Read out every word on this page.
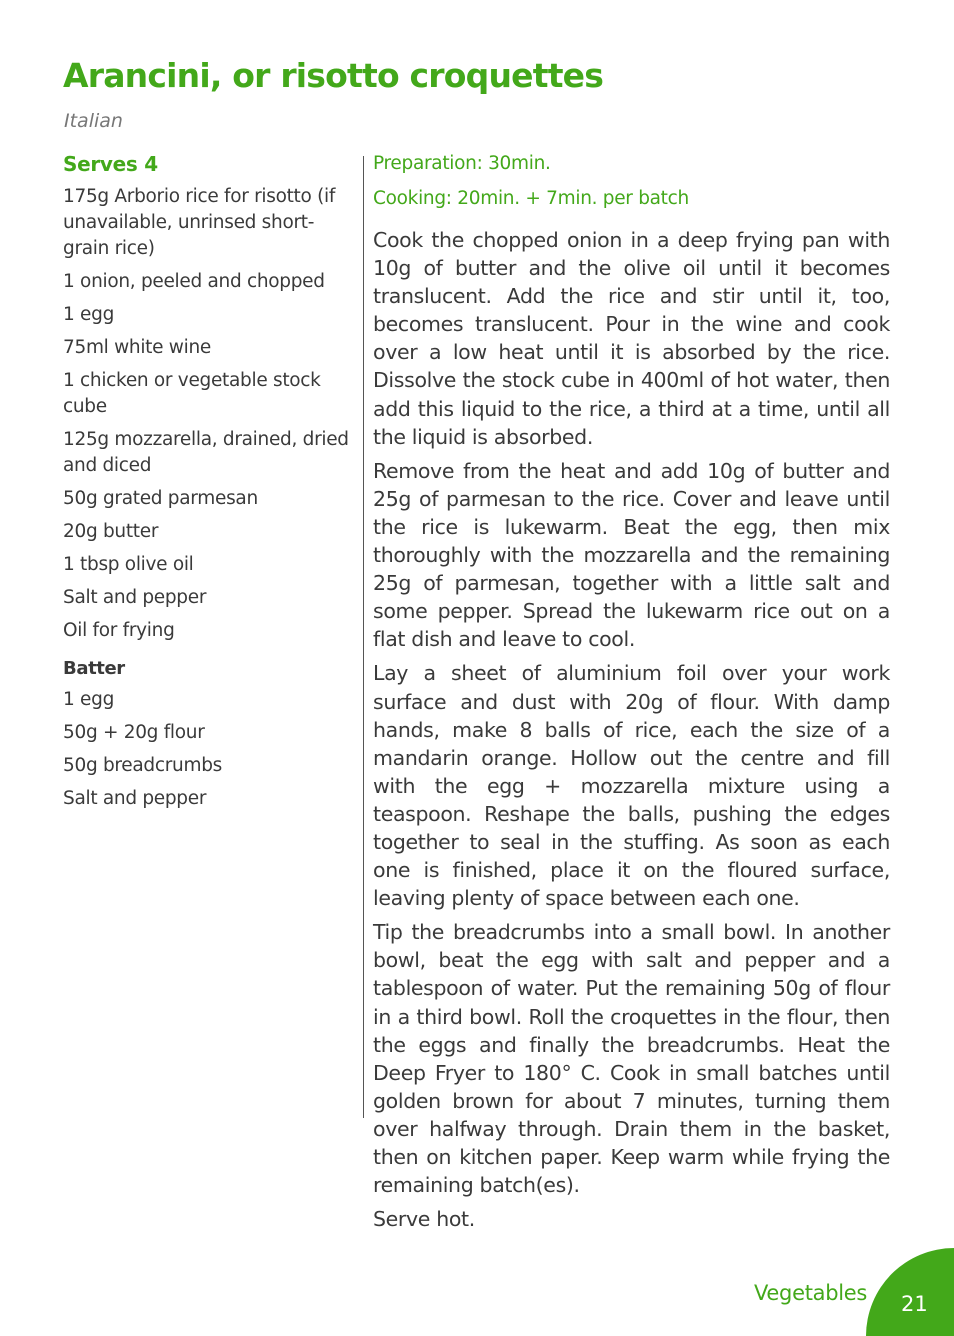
Arancini, or risotto croquettes
Italian
Serves 4
175g Arborio rice for risotto (if unavailable, unrinsed short-grain rice)
1 onion, peeled and chopped
1 egg
75ml white wine
1 chicken or vegetable stock cube
125g mozzarella, drained, dried and diced
50g grated parmesan
20g butter
1 tbsp olive oil
Salt and pepper
Oil for frying
Batter
1 egg
50g + 20g flour
50g breadcrumbs
Salt and pepper
Preparation: 30min.
Cooking: 20min. + 7min. per batch

Cook the chopped onion in a deep frying pan with 10g of butter and the olive oil until it becomes translucent. Add the rice and stir until it, too, becomes translucent. Pour in the wine and cook over a low heat until it is absorbed by the rice. Dissolve the stock cube in 400ml of hot water, then add this liquid to the rice, a third at a time, until all the liquid is absorbed.

Remove from the heat and add 10g of butter and 25g of parmesan to the rice. Cover and leave until the rice is lukewarm. Beat the egg, then mix thoroughly with the mozzarella and the remaining 25g of parmesan, together with a little salt and some pepper. Spread the lukewarm rice out on a flat dish and leave to cool.

Lay a sheet of aluminium foil over your work surface and dust with 20g of flour. With damp hands, make 8 balls of rice, each the size of a mandarin orange. Hollow out the centre and fill with the egg + mozzarella mixture using a teaspoon. Reshape the balls, pushing the edges together to seal in the stuffing. As soon as each one is finished, place it on the floured surface, leaving plenty of space between each one.

Tip the breadcrumbs into a small bowl. In another bowl, beat the egg with salt and pepper and a tablespoon of water. Put the remaining 50g of flour in a third bowl. Roll the croquettes in the flour, then the eggs and finally the breadcrumbs. Heat the Deep Fryer to 180° C. Cook in small batches until golden brown for about 7 minutes, turning them over halfway through. Drain them in the basket, then on kitchen paper. Keep warm while frying the remaining batch(es).

Serve hot.

Vegetables 21
